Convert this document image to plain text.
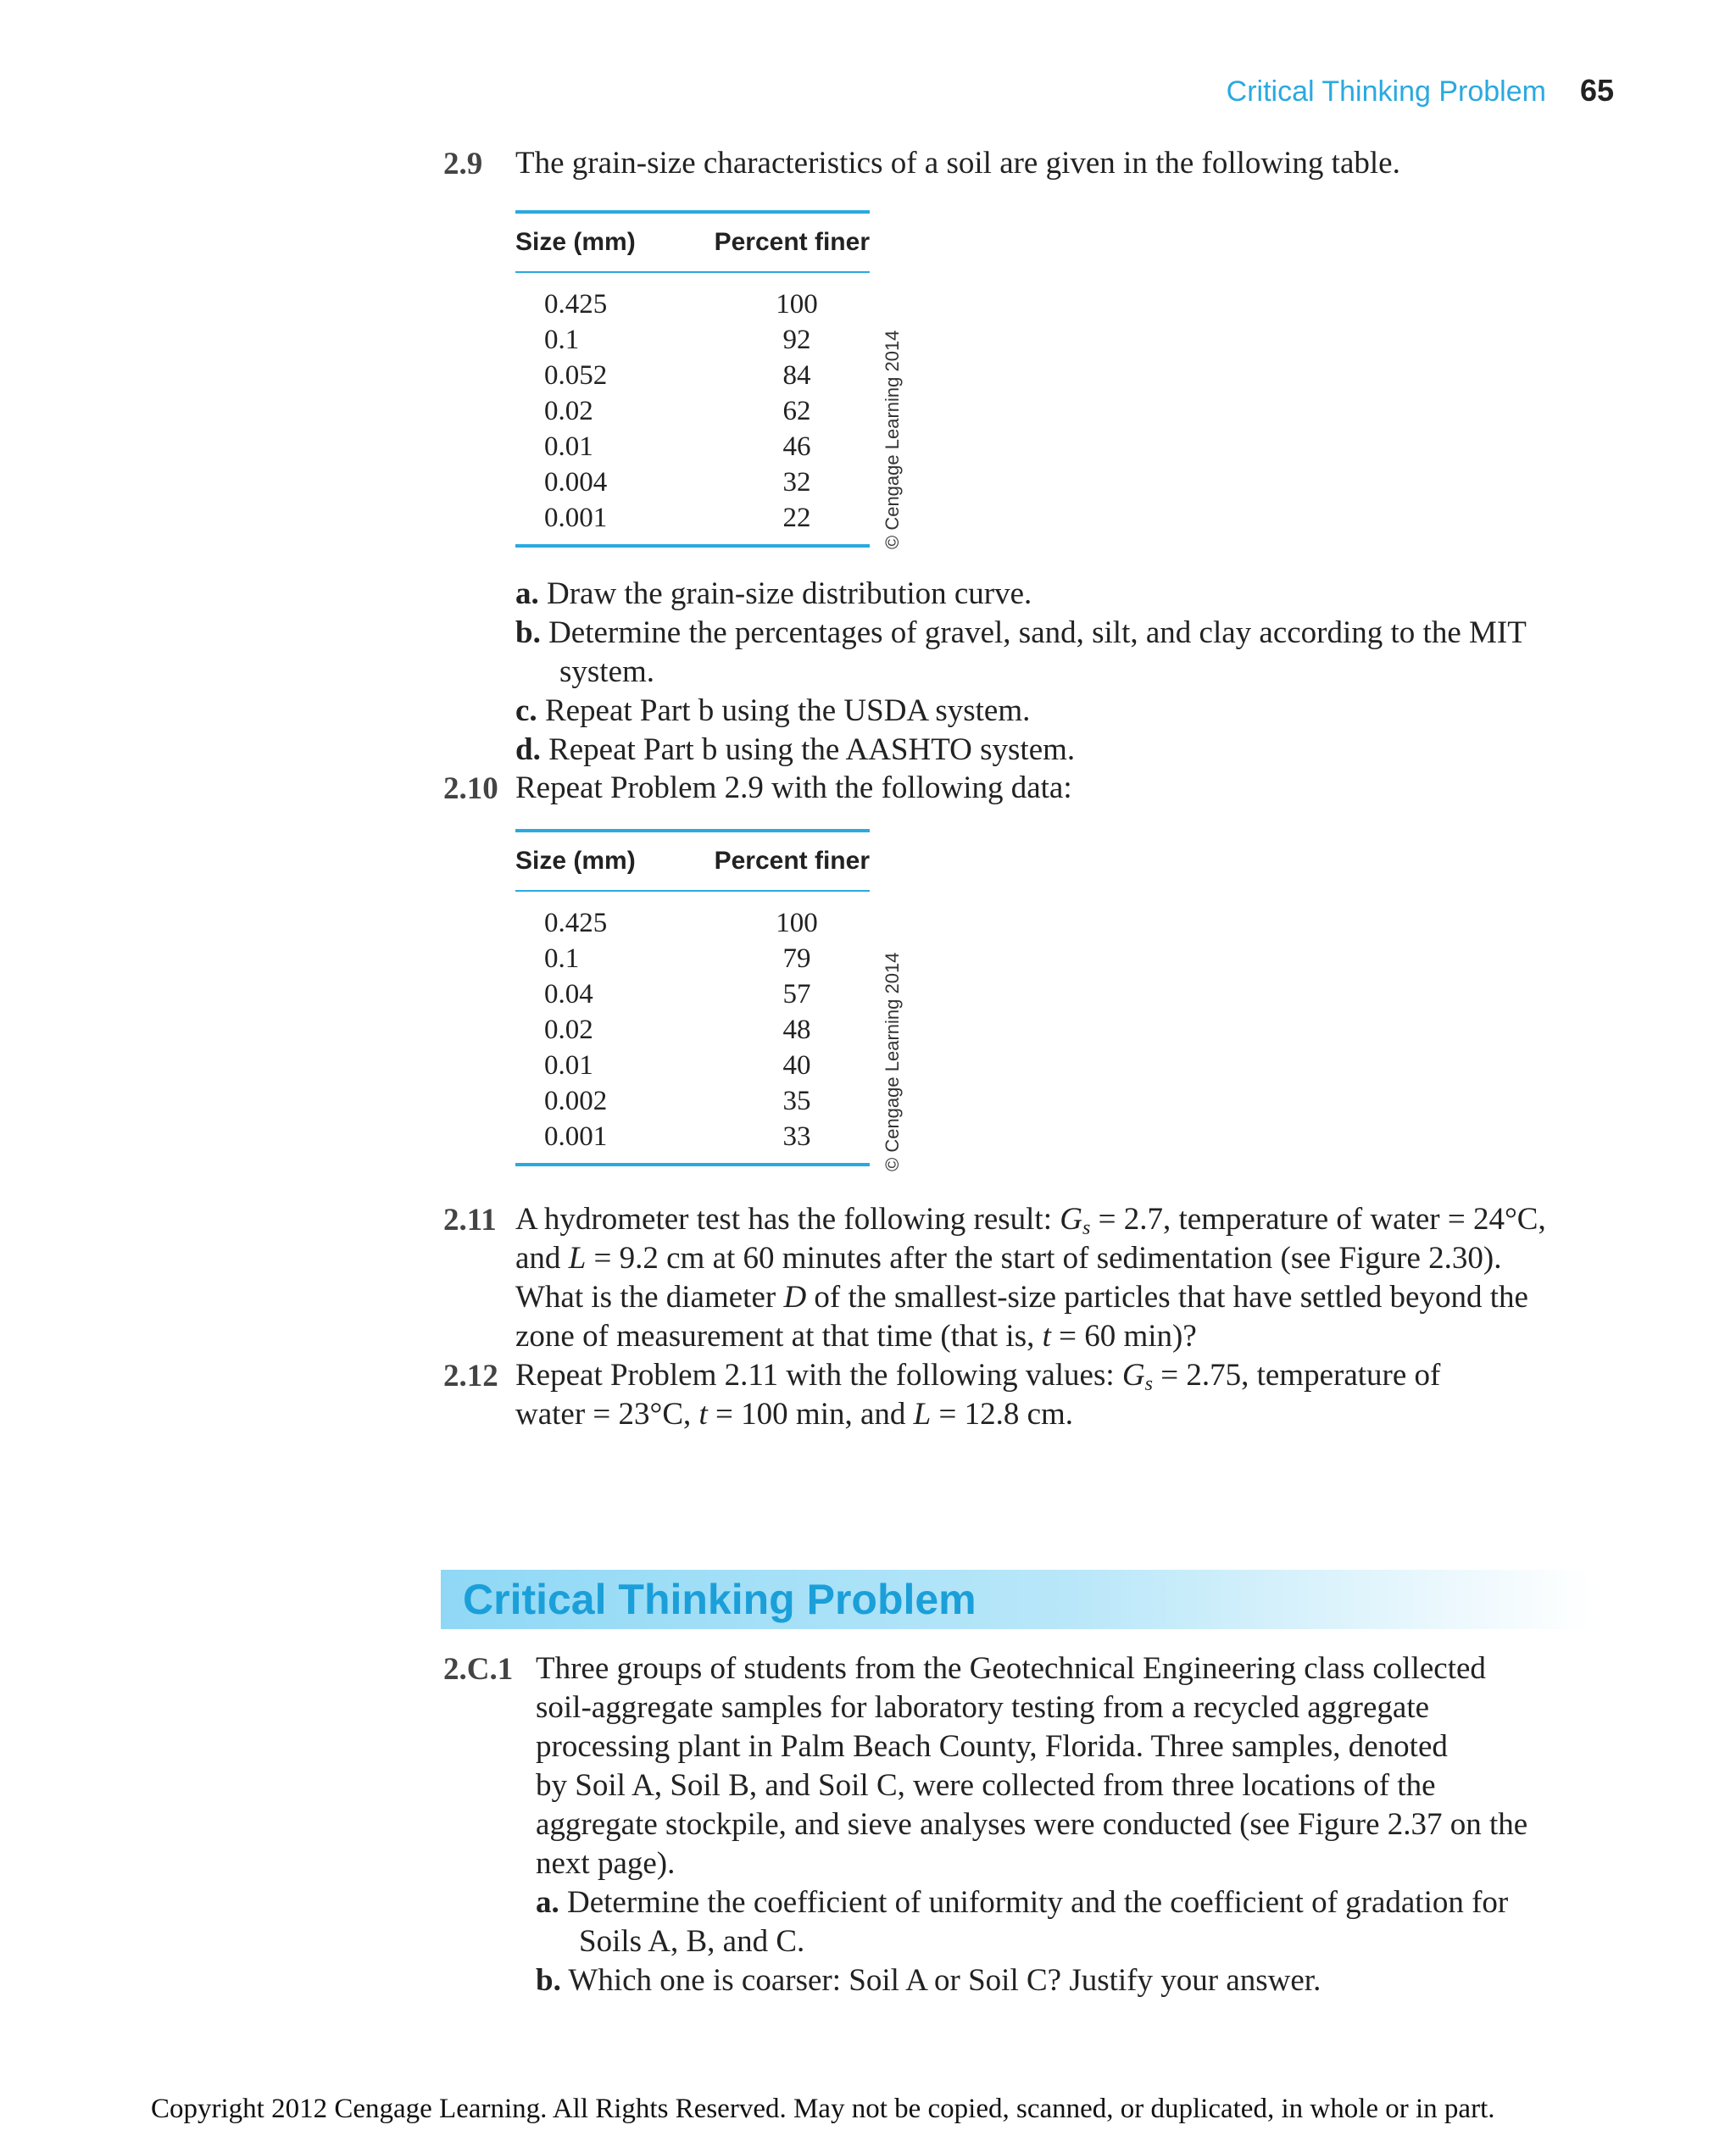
Critical Thinking Problem 65
2.9 The grain-size characteristics of a soil are given in the following table.
Size (mm)	Percent finer
0.425	100
0.1	92
0.052	84
0.02	62
0.01	46
0.004	32
0.001	22	© Cengage Learning 2014
a. Draw the grain-size distribution curve.
b. Determine the percentages of gravel, sand, silt, and clay according to the MIT
system.
c. Repeat Part b using the USDA system.
d. Repeat Part b using the AASHTO system.
2.10 Repeat Problem 2.9 with the following data:
Size (mm)	Percent finer
0.425	100
0.1	79
0.04	57
0.02	48
0.01	40
0.002	35
0.001	33	© Cengage Learning 2014
2.11 A hydrometer test has the following result: $G_s = 2.7$, temperature of water = 24°C,
and L = 9.2 cm at 60 minutes after the start of sedimentation (see Figure 2.30).
What is the diameter D of the smallest-size particles that have settled beyond the
zone of measurement at that time (that is, t = 60 min)?
2.12 Repeat Problem 2.11 with the following values: $G_s = 2.75$, temperature of
water = 23°C, t = 100 min, and L = 12.8 cm.
Critical Thinking Problem
2.C.1 Three groups of students from the Geotechnical Engineering class collected
soil-aggregate samples for laboratory testing from a recycled aggregate
processing plant in Palm Beach County, Florida. Three samples, denoted
by Soil A, Soil B, and Soil C, were collected from three locations of the
aggregate stockpile, and sieve analyses were conducted (see Figure 2.37 on the
next page).
a. Determine the coefficient of uniformity and the coefficient of gradation for
Soils A, B, and C.
b. Which one is coarser: Soil A or Soil C? Justify your answer.
Copyright 2012 Cengage Learning. All Rights Reserved. May not be copied, scanned, or duplicated, in whole or in part.
